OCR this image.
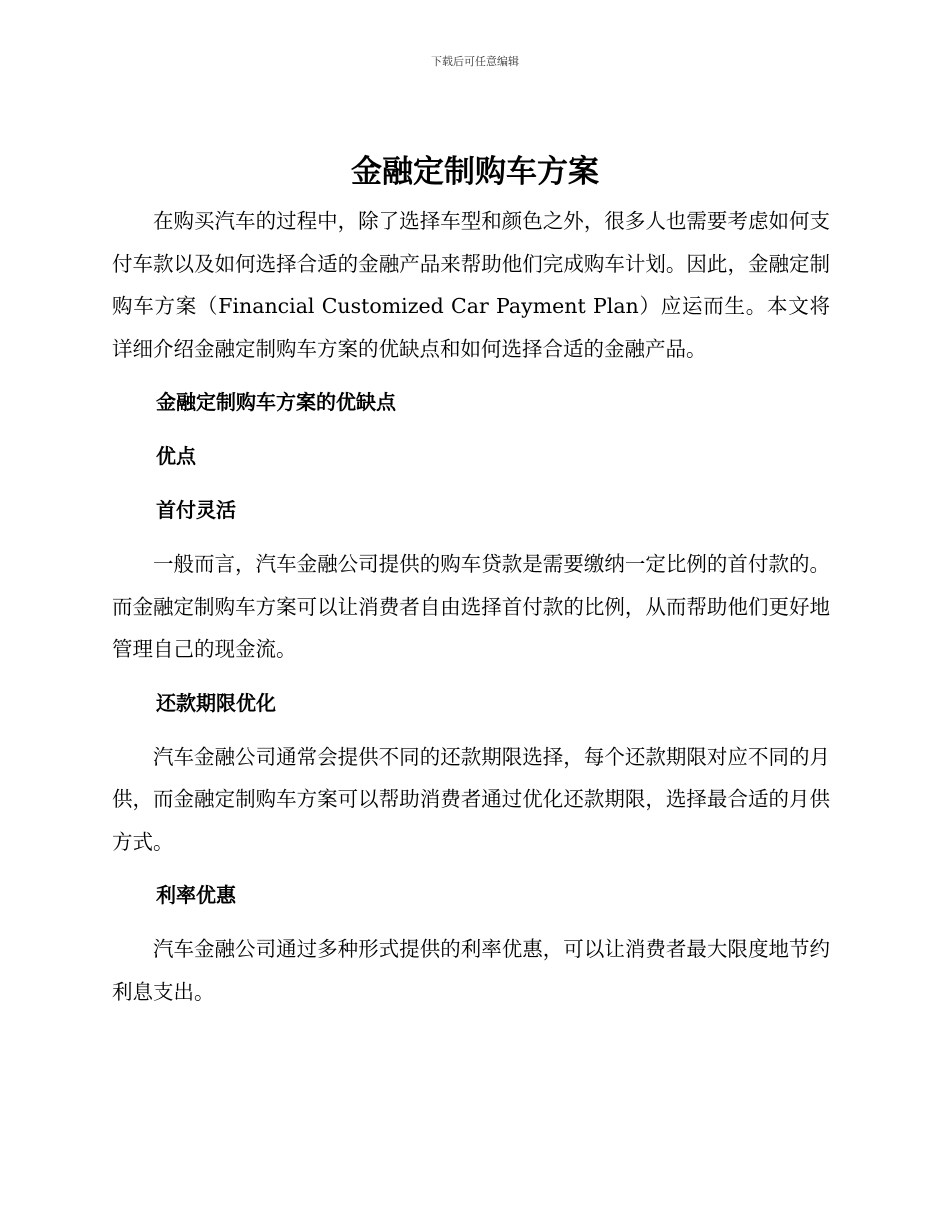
下载后可任意编辑
金融定制购车方案

在购买汽车的过程中，除了选择车型和颜色之外，很多人也需要考虑如何支付车款以及如何选择合适的金融产品来帮助他们完成购车计划。因此，金融定制购车方案（Financial Customized Car Payment Plan）应运而生。本文将详细介绍金融定制购车方案的优缺点和如何选择合适的金融产品。

金融定制购车方案的优缺点
优点
首付灵活

一般而言，汽车金融公司提供的购车贷款是需要缴纳一定比例的首付款的。而金融定制购车方案可以让消费者自由选择首付款的比例，从而帮助他们更好地管理自己的现金流。

还款期限优化

汽车金融公司通常会提供不同的还款期限选择，每个还款期限对应不同的月供，而金融定制购车方案可以帮助消费者通过优化还款期限，选择最合适的月供方式。

利率优惠

汽车金融公司通过多种形式提供的利率优惠，可以让消费者最大限度地节约利息支出。
